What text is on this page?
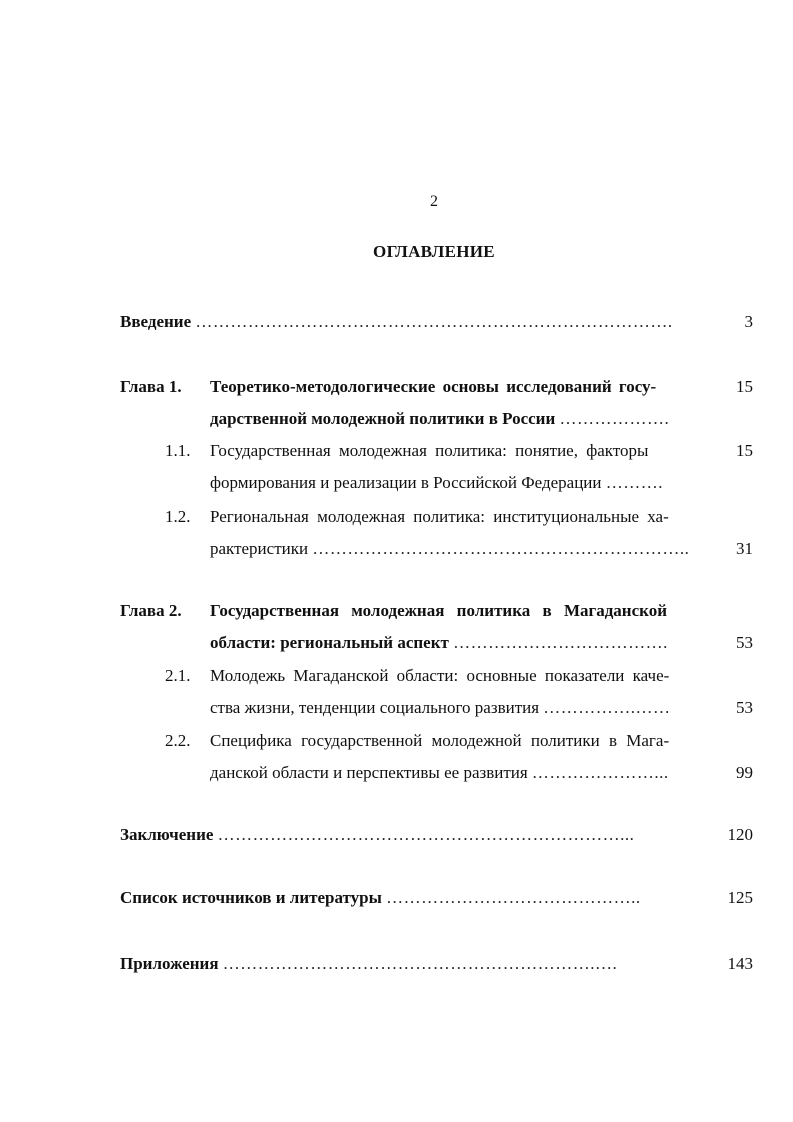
2
ОГЛАВЛЕНИЕ
Введение ……………………………………………………………………….	3
Глава 1. Теоретико-методологические основы исследований госу-	15
дарственной молодежной политики в России ……………….
1.1. Государственная молодежная политика: понятие, факторы	15
формирования и реализации в Российской Федерации ……….
1.2. Региональная молодежная политика: институциональные ха-
рактеристики ………………………………………………………..	31
Глава 2. Государственная молодежная политика в Магаданской
области: региональный аспект ……………………………….	53
2.1. Молодежь Магаданской области: основные показатели каче-
ства жизни, тенденции социального развития …………….……	53
2.2. Специфика государственной молодежной политики в Мага-
данской области и перспективы ее развития …………………...	99
Заключение ……………………………………………………………...	120
Список источников и литературы ……………………………………..	125
Приложения ……………………………………………………….….	143
